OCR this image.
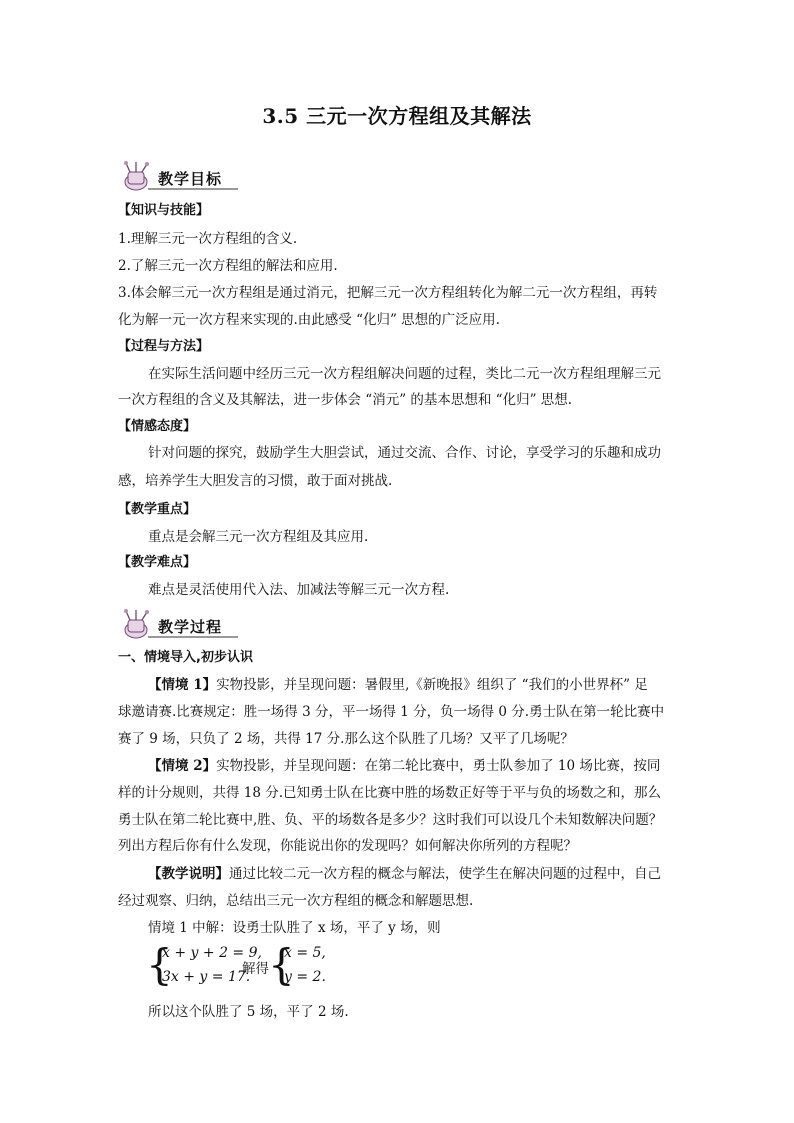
3.5 三元一次方程组及其解法
教学目标
【知识与技能】
1.理解三元一次方程组的含义.
2.了解三元一次方程组的解法和应用.
3.体会解三元一次方程组是通过消元，把解三元一次方程组转化为解二元一次方程组，再转
化为解一元一次方程来实现的.由此感受 “化归” 思想的广泛应用.
【过程与方法】
在实际生活问题中经历三元一次方程组解决问题的过程，类比二元一次方程组理解三元
一次方程组的含义及其解法，进一步体会 “消元” 的基本思想和 “化归” 思想.
【情感态度】
针对问题的探究，鼓励学生大胆尝试，通过交流、合作、讨论，享受学习的乐趣和成功
感，培养学生大胆发言的习惯，敢于面对挑战.
【教学重点】
重点是会解三元一次方程组及其应用.
【教学难点】
难点是灵活使用代入法、加减法等解三元一次方程.
教学过程
一、情境导入,初步认识
【情境 1】实物投影，并呈现问题：暑假里,《新晚报》组织了 “我们的小世界杯” 足
球邀请赛.比赛规定：胜一场得 3 分，平一场得 1 分，负一场得 0 分.勇士队在第一轮比赛中
赛了 9 场，只负了 2 场，共得 17 分.那么这个队胜了几场？又平了几场呢？
【情境 2】实物投影，并呈现问题：在第二轮比赛中，勇士队参加了 10 场比赛，按同
样的计分规则，共得 18 分.已知勇士队在比赛中胜的场数正好等于平与负的场数之和，那么
勇士队在第二轮比赛中,胜、负、平的场数各是多少？这时我们可以设几个未知数解决问题？
列出方程后你有什么发现，你能说出你的发现吗？如何解决你所列的方程呢？
【教学说明】通过比较二元一次方程的概念与解法，使学生在解决问题的过程中，自己
经过观察、归纳，总结出三元一次方程组的概念和解题思想.
情境 1 中解：设勇士队胜了 x 场，平了 y 场，则
{
x + y + 2 = 9,
3x + y = 17.
解得 {
x = 5,
y = 2.
所以这个队胜了 5 场，平了 2 场.
